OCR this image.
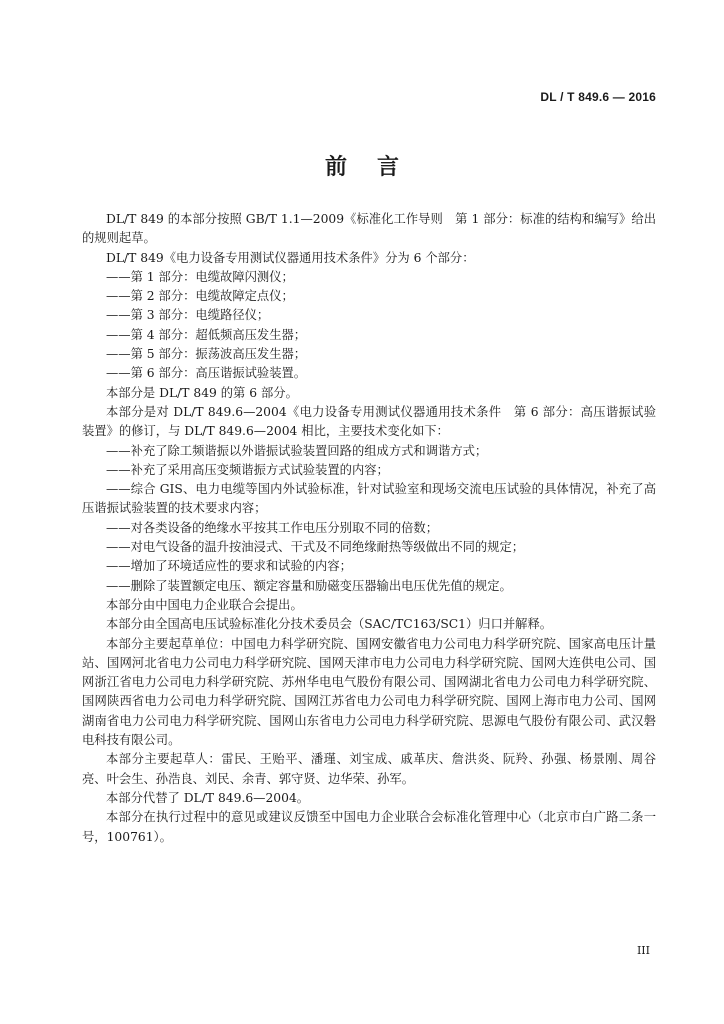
DL / T 849.6 — 2016
前言

DL/T 849 的本部分按照 GB/T 1.1—2009《标准化工作导则　第 1 部分：标准的结构和编写》给出的规则起草。

DL/T 849《电力设备专用测试仪器通用技术条件》分为 6 个部分：

——第 1 部分：电缆故障闪测仪；

——第 2 部分：电缆故障定点仪；

——第 3 部分：电缆路径仪；

——第 4 部分：超低频高压发生器；

——第 5 部分：振荡波高压发生器；

——第 6 部分：高压谐振试验装置。

本部分是 DL/T 849 的第 6 部分。

本部分是对 DL/T 849.6—2004《电力设备专用测试仪器通用技术条件　第 6 部分：高压谐振试验装置》的修订，与 DL/T 849.6—2004 相比，主要技术变化如下：

——补充了除工频谐振以外谐振试验装置回路的组成方式和调谐方式；

——补充了采用高压变频谐振方式试验装置的内容；

——综合 GIS、电力电缆等国内外试验标准，针对试验室和现场交流电压试验的具体情况，补充了高压谐振试验装置的技术要求内容；

——对各类设备的绝缘水平按其工作电压分别取不同的倍数；

——对电气设备的温升按油浸式、干式及不同绝缘耐热等级做出不同的规定；

——增加了环境适应性的要求和试验的内容；

——删除了装置额定电压、额定容量和励磁变压器输出电压优先值的规定。

本部分由中国电力企业联合会提出。

本部分由全国高电压试验标准化分技术委员会（SAC/TC163/SC1）归口并解释。

本部分主要起草单位：中国电力科学研究院、国网安徽省电力公司电力科学研究院、国家高电压计量站、国网河北省电力公司电力科学研究院、国网天津市电力公司电力科学研究院、国网大连供电公司、国网浙江省电力公司电力科学研究院、苏州华电电气股份有限公司、国网湖北省电力公司电力科学研究院、国网陕西省电力公司电力科学研究院、国网江苏省电力公司电力科学研究院、国网上海市电力公司、国网湖南省电力公司电力科学研究院、国网山东省电力公司电力科学研究院、思源电气股份有限公司、武汉磐电科技有限公司。

本部分主要起草人：雷民、王贻平、潘瑾、刘宝成、戚革庆、詹洪炎、阮羚、孙强、杨景刚、周谷亮、叶会生、孙浩良、刘民、余青、郭守贤、边华荣、孙军。

本部分代替了 DL/T 849.6—2004。

本部分在执行过程中的意见或建议反馈至中国电力企业联合会标准化管理中心（北京市白广路二条一号，100761）。

III
